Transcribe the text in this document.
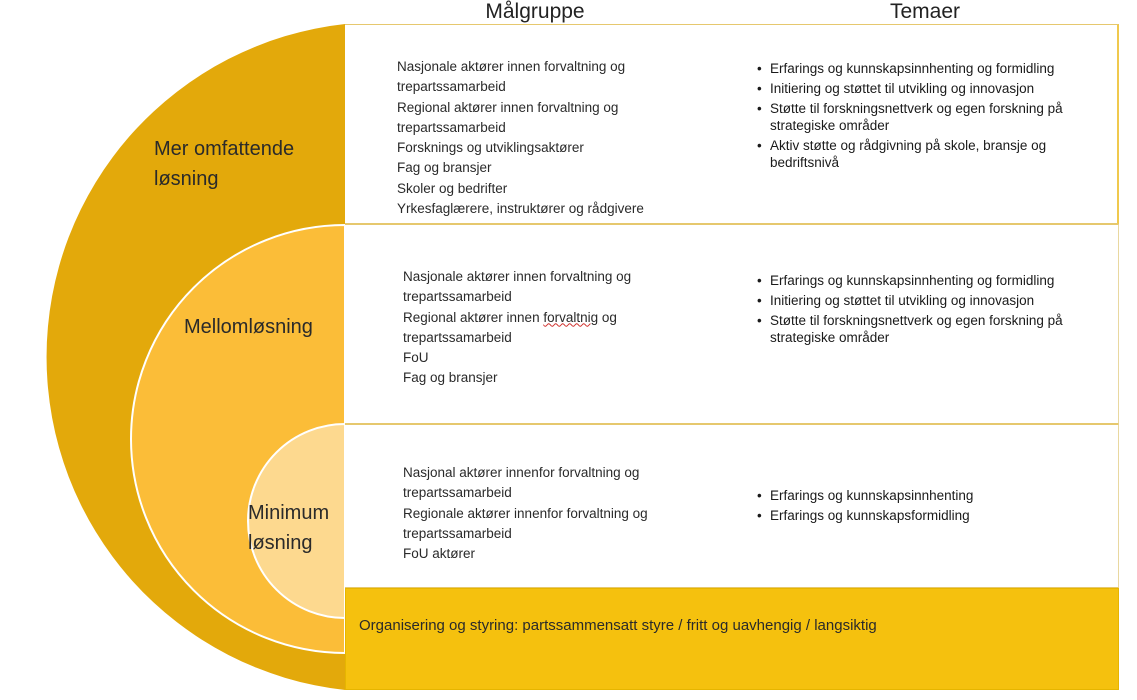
Målgruppe	Temaer
Nasjonale aktører innen forvaltning og
trepartssamarbeid
Regional aktører innen forvaltning og
trepartssamarbeid
Forsknings og utviklingsaktører
Fag og bransjer
Skoler og bedrifter
Yrkesfaglærere, instruktører og rådgivere
• Erfarings og kunnskapsinnhenting og formidling
• Initiering og støttet til utvikling og innovasjon
• Støtte til forskningsnettverk og egen forskning på strategiske områder
• Aktiv støtte og rådgivning på skole, bransje og bedriftsnivå
Nasjonale aktører innen forvaltning og
trepartssamarbeid
Regional aktører innen forvaltnig og
trepartssamarbeid
FoU
Fag og bransjer
• Erfarings og kunnskapsinnhenting og formidling
• Initiering og støttet til utvikling og innovasjon
• Støtte til forskningsnettverk og egen forskning på strategiske områder
Nasjonal aktører innenfor forvaltning og
trepartssamarbeid
Regionale aktører innenfor forvaltning og
trepartssamarbeid
FoU aktører
• Erfarings og kunnskapsinnhenting
• Erfarings og kunnskapsformidling
Organisering og styring: partssammensatt styre / fritt og uavhengig / langsiktig
Mer omfattende
løsning
Mellomløsning
Minimum
løsning
